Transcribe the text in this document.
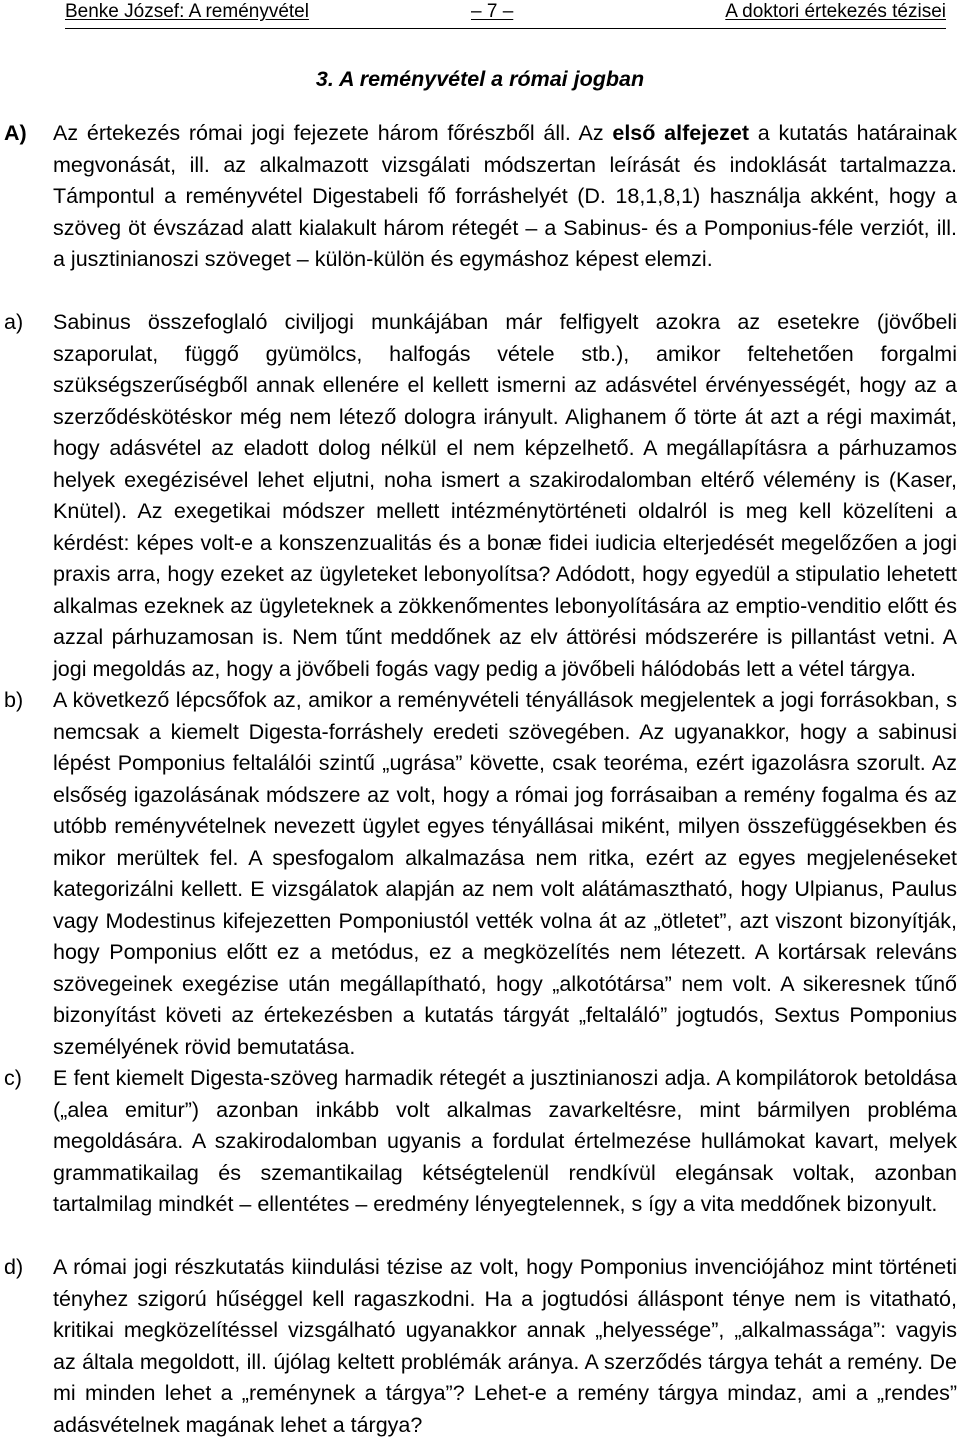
Benke József: A reményvétel	– 7 –	A doktori értekezés tézisei
3. A reményvétel a római jogban
A) Az értekezés római jogi fejezete három főrészből áll. Az első alfejezet a kutatás határainak megvonását, ill. az alkalmazott vizsgálati módszertan leírását és indoklását tartalmazza. Támpontul a reményvétel Digestabeli fő forráshelyét (D. 18,1,8,1) használja akként, hogy a szöveg öt évszázad alatt kialakult három rétegét – a Sabinus- és a Pomponius-féle verziót, ill. a jusztinianoszi szöveget – külön-külön és egymáshoz képest elemzi.
a) Sabinus összefoglaló civiljogi munkájában már felfigyelt azokra az esetekre (jövőbeli szaporulat, függő gyümölcs, halfogás vétele stb.), amikor feltehetően forgalmi szükségszerűségből annak ellenére el kellett ismerni az adásvétel érvényességét, hogy az a szerződéskötéskor még nem létező dologra irányult. Alighanem ő törte át azt a régi maximát, hogy adásvétel az eladott dolog nélkül el nem képzelhető. A megállapításra a párhuzamos helyek exegézisével lehet eljutni, noha ismert a szakirodalomban eltérő vélemény is (Kaser, Knütel). Az exegetikai módszer mellett intézménytörténeti oldalról is meg kell közelíteni a kérdést: képes volt-e a konszenzualitás és a bonæ fidei iudicia elterjedését megelőzően a jogi praxis arra, hogy ezeket az ügyleteket lebonyolítsa? Adódott, hogy egyedül a stipulatio lehetett alkalmas ezeknek az ügyleteknek a zökkenőmentes lebonyolítására az emptio-venditio előtt és azzal párhuzamosan is. Nem tűnt meddőnek az elv áttörési módszerére is pillantást vetni. A jogi megoldás az, hogy a jövőbeli fogás vagy pedig a jövőbeli hálódobás lett a vétel tárgya.
b) A következő lépcsőfok az, amikor a reményvételi tényállások megjelentek a jogi forrásokban, s nemcsak a kiemelt Digesta-forráshely eredeti szövegében. Az ugyanakkor, hogy a sabinusi lépést Pomponius feltalálói szintű „ugrása” követte, csak teoréma, ezért igazolásra szorult. Az elsőség igazolásának módszere az volt, hogy a római jog forrásaiban a remény fogalma és az utóbb reményvételnek nevezett ügylet egyes tényállásai miként, milyen összefüggésekben és mikor merültek fel. A spesfogalom alkalmazása nem ritka, ezért az egyes megjelenéseket kategorizálni kellett. E vizsgálatok alapján az nem volt alátámasztható, hogy Ulpianus, Paulus vagy Modestinus kifejezetten Pomponiustól vették volna át az „ötletet”, azt viszont bizonyítják, hogy Pomponius előtt ez a metódus, ez a megközelítés nem létezett. A kortársak releváns szövegeinek exegézise után megállapítható, hogy „alkotótársa” nem volt. A sikeresnek tűnő bizonyítást követi az értekezésben a kutatás tárgyát „feltaláló” jogtudós, Sextus Pomponius személyének rövid bemutatása.
c) E fent kiemelt Digesta-szöveg harmadik rétegét a jusztinianoszi adja. A kompilátorok betoldása („alea emitur”) azonban inkább volt alkalmas zavarkeltésre, mint bármilyen probléma megoldására. A szakirodalomban ugyanis a fordulat értelmezése hullámokat kavart, melyek grammatikailag és szemantikailag kétségtelenül rendkívül elegánsak voltak, azonban tartalmilag mindkét – ellentétes – eredmény lényegtelennek, s így a vita meddőnek bizonyult.
d) A római jogi részkutatás kiindulási tézise az volt, hogy Pomponius invenciójához mint történeti tényhez szigorú hűséggel kell ragaszkodni. Ha a jogtudósi álláspont ténye nem is vitatható, kritikai megközelítéssel vizsgálható ugyanakkor annak „helyessége”, „alkalmassága”: vagyis az általa megoldott, ill. újólag keltett problémák aránya. A szerződés tárgya tehát a remény. De mi minden lehet a „reménynek a tárgya”? Lehet-e a remény tárgya mindaz, ami a „rendes” adásvételnek magának lehet a tárgya?
